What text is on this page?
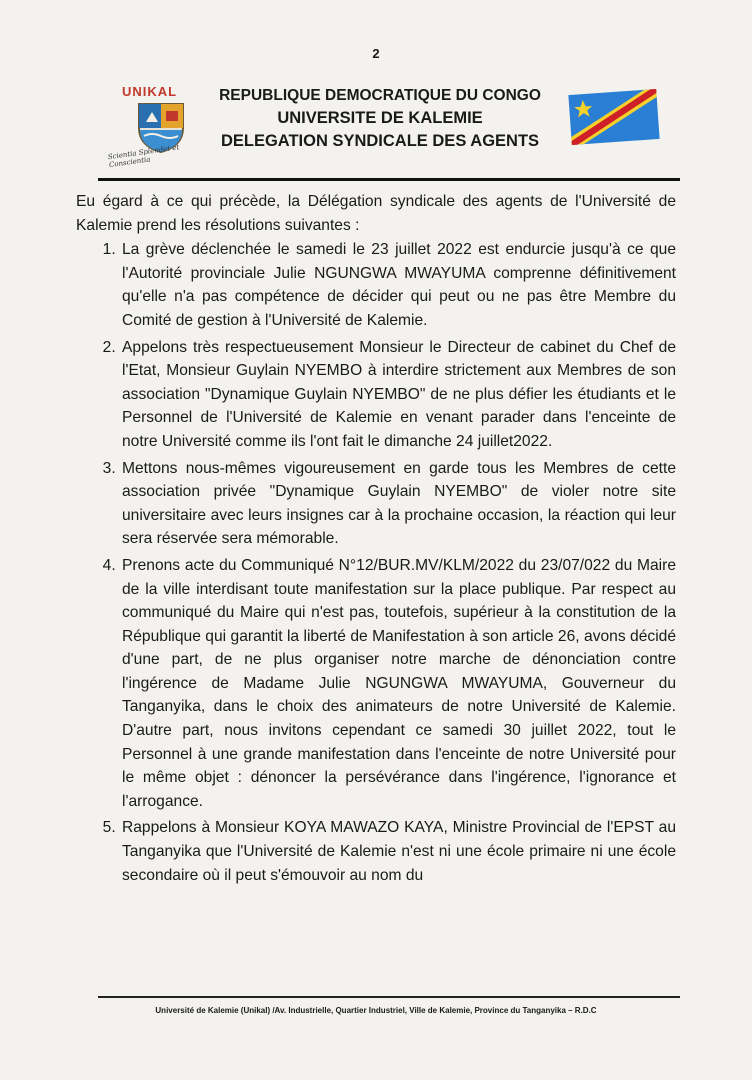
2
UNIKAL
Scientia Splendet et Conscientia
REPUBLIQUE DEMOCRATIQUE DU CONGO
UNIVERSITE DE KALEMIE
DELEGATION SYNDICALE DES AGENTS

Eu égard à ce qui précède, la Délégation syndicale des agents de l'Université de Kalemie prend les résolutions suivantes :

1. La grève déclenchée le samedi le 23 juillet 2022 est endurcie jusqu'à ce que l'Autorité provinciale Julie NGUNGWA MWAYUMA comprenne définitivement qu'elle n'a pas compétence de décider qui peut ou ne pas être Membre du Comité de gestion à l'Université de Kalemie.
2. Appelons très respectueusement Monsieur le Directeur de cabinet du Chef de l'Etat, Monsieur Guylain NYEMBO à interdire strictement aux Membres de son association "Dynamique Guylain NYEMBO" de ne plus défier les étudiants et le Personnel de l'Université de Kalemie en venant parader dans l'enceinte de notre Université comme ils l'ont fait le dimanche 24 juillet2022.
3. Mettons nous-mêmes vigoureusement en garde tous les Membres de cette association privée "Dynamique Guylain NYEMBO" de violer notre site universitaire avec leurs insignes car à la prochaine occasion, la réaction qui leur sera réservée sera mémorable.
4. Prenons acte du Communiqué N°12/BUR.MV/KLM/2022 du 23/07/022 du Maire de la ville interdisant toute manifestation sur la place publique. Par respect au communiqué du Maire qui n'est pas, toutefois, supérieur à la constitution de la République qui garantit la liberté de Manifestation à son article 26, avons décidé d'une part, de ne plus organiser notre marche de dénonciation contre l'ingérence de Madame Julie NGUNGWA MWAYUMA, Gouverneur du Tanganyika, dans le choix des animateurs de notre Université de Kalemie. D'autre part, nous invitons cependant ce samedi 30 juillet 2022, tout le Personnel à une grande manifestation dans l'enceinte de notre Université pour le même objet : dénoncer la persévérance dans l'ingérence, l'ignorance et l'arrogance.
5. Rappelons à Monsieur KOYA MAWAZO KAYA, Ministre Provincial de l'EPST au Tanganyika que l'Université de Kalemie n'est ni une école primaire ni une école secondaire où il peut s'émouvoir au nom du
Université de Kalemie (Unikal) /Av. Industrielle, Quartier Industriel, Ville de Kalemie, Province du Tanganyika – R.D.C
